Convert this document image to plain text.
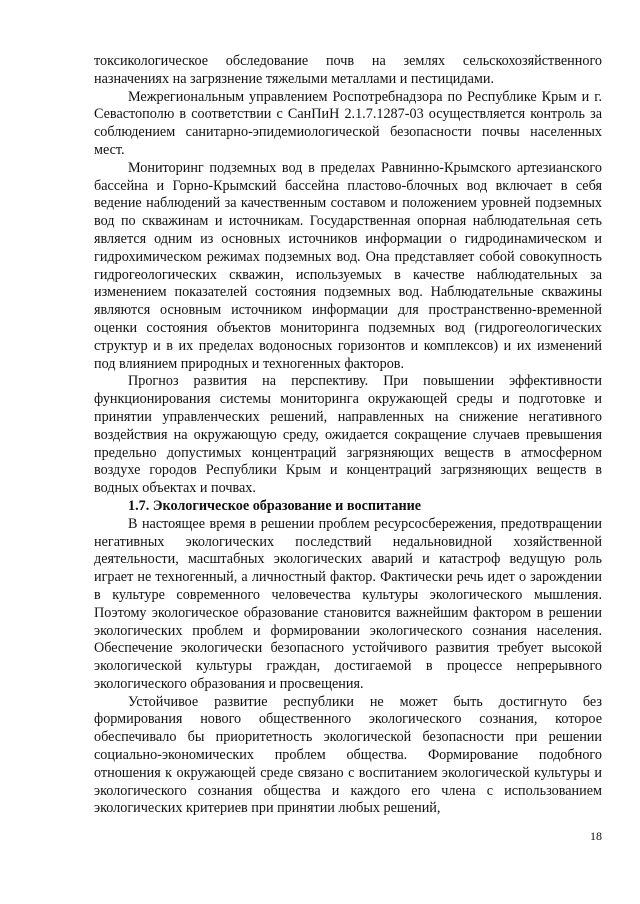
токсикологическое обследование почв на землях сельскохозяйственного назначениях на загрязнение тяжелыми металлами и пестицидами.

Межрегиональным управлением Роспотребнадзора по Республике Крым и г. Севастополю в соответствии с СанПиН 2.1.7.1287-03 осуществляется контроль за соблюдением санитарно-эпидемиологической безопасности почвы населенных мест.

Мониторинг подземных вод в пределах Равнинно-Крымского артезианского бассейна и Горно-Крымский бассейна пластово-блочных вод включает в себя ведение наблюдений за качественным составом и положением уровней подземных вод по скважинам и источникам. Государственная опорная наблюдательная сеть является одним из основных источников информации о гидродинамическом и гидрохимическом режимах подземных вод. Она представляет собой совокупность гидрогеологических скважин, используемых в качестве наблюдательных за изменением показателей состояния подземных вод. Наблюдательные скважины являются основным источником информации для пространственно-временной оценки состояния объектов мониторинга подземных вод (гидрогеологических структур и в их пределах водоносных горизонтов и комплексов) и их изменений под влиянием природных и техногенных факторов.

Прогноз развития на перспективу. При повышении эффективности функционирования системы мониторинга окружающей среды и подготовке и принятии управленческих решений, направленных на снижение негативного воздействия на окружающую среду, ожидается сокращение случаев превышения предельно допустимых концентраций загрязняющих веществ в атмосферном воздухе городов Республики Крым и концентраций загрязняющих веществ в водных объектах и почвах.

1.7. Экологическое образование и воспитание

В настоящее время в решении проблем ресурсосбережения, предотвращении негативных экологических последствий недальновидной хозяйственной деятельности, масштабных экологических аварий и катастроф ведущую роль играет не техногенный, а личностный фактор. Фактически речь идет о зарождении в культуре современного человечества культуры экологического мышления. Поэтому экологическое образование становится важнейшим фактором в решении экологических проблем и формировании экологического сознания населения. Обеспечение экологически безопасного устойчивого развития требует высокой экологической культуры граждан, достигаемой в процессе непрерывного экологического образования и просвещения.

Устойчивое развитие республики не может быть достигнуто без формирования нового общественного экологического сознания, которое обеспечивало бы приоритетность экологической безопасности при решении социально-экономических проблем общества. Формирование подобного отношения к окружающей среде связано с воспитанием экологической культуры и экологического сознания общества и каждого его члена с использованием экологических критериев при принятии любых решений,

18
